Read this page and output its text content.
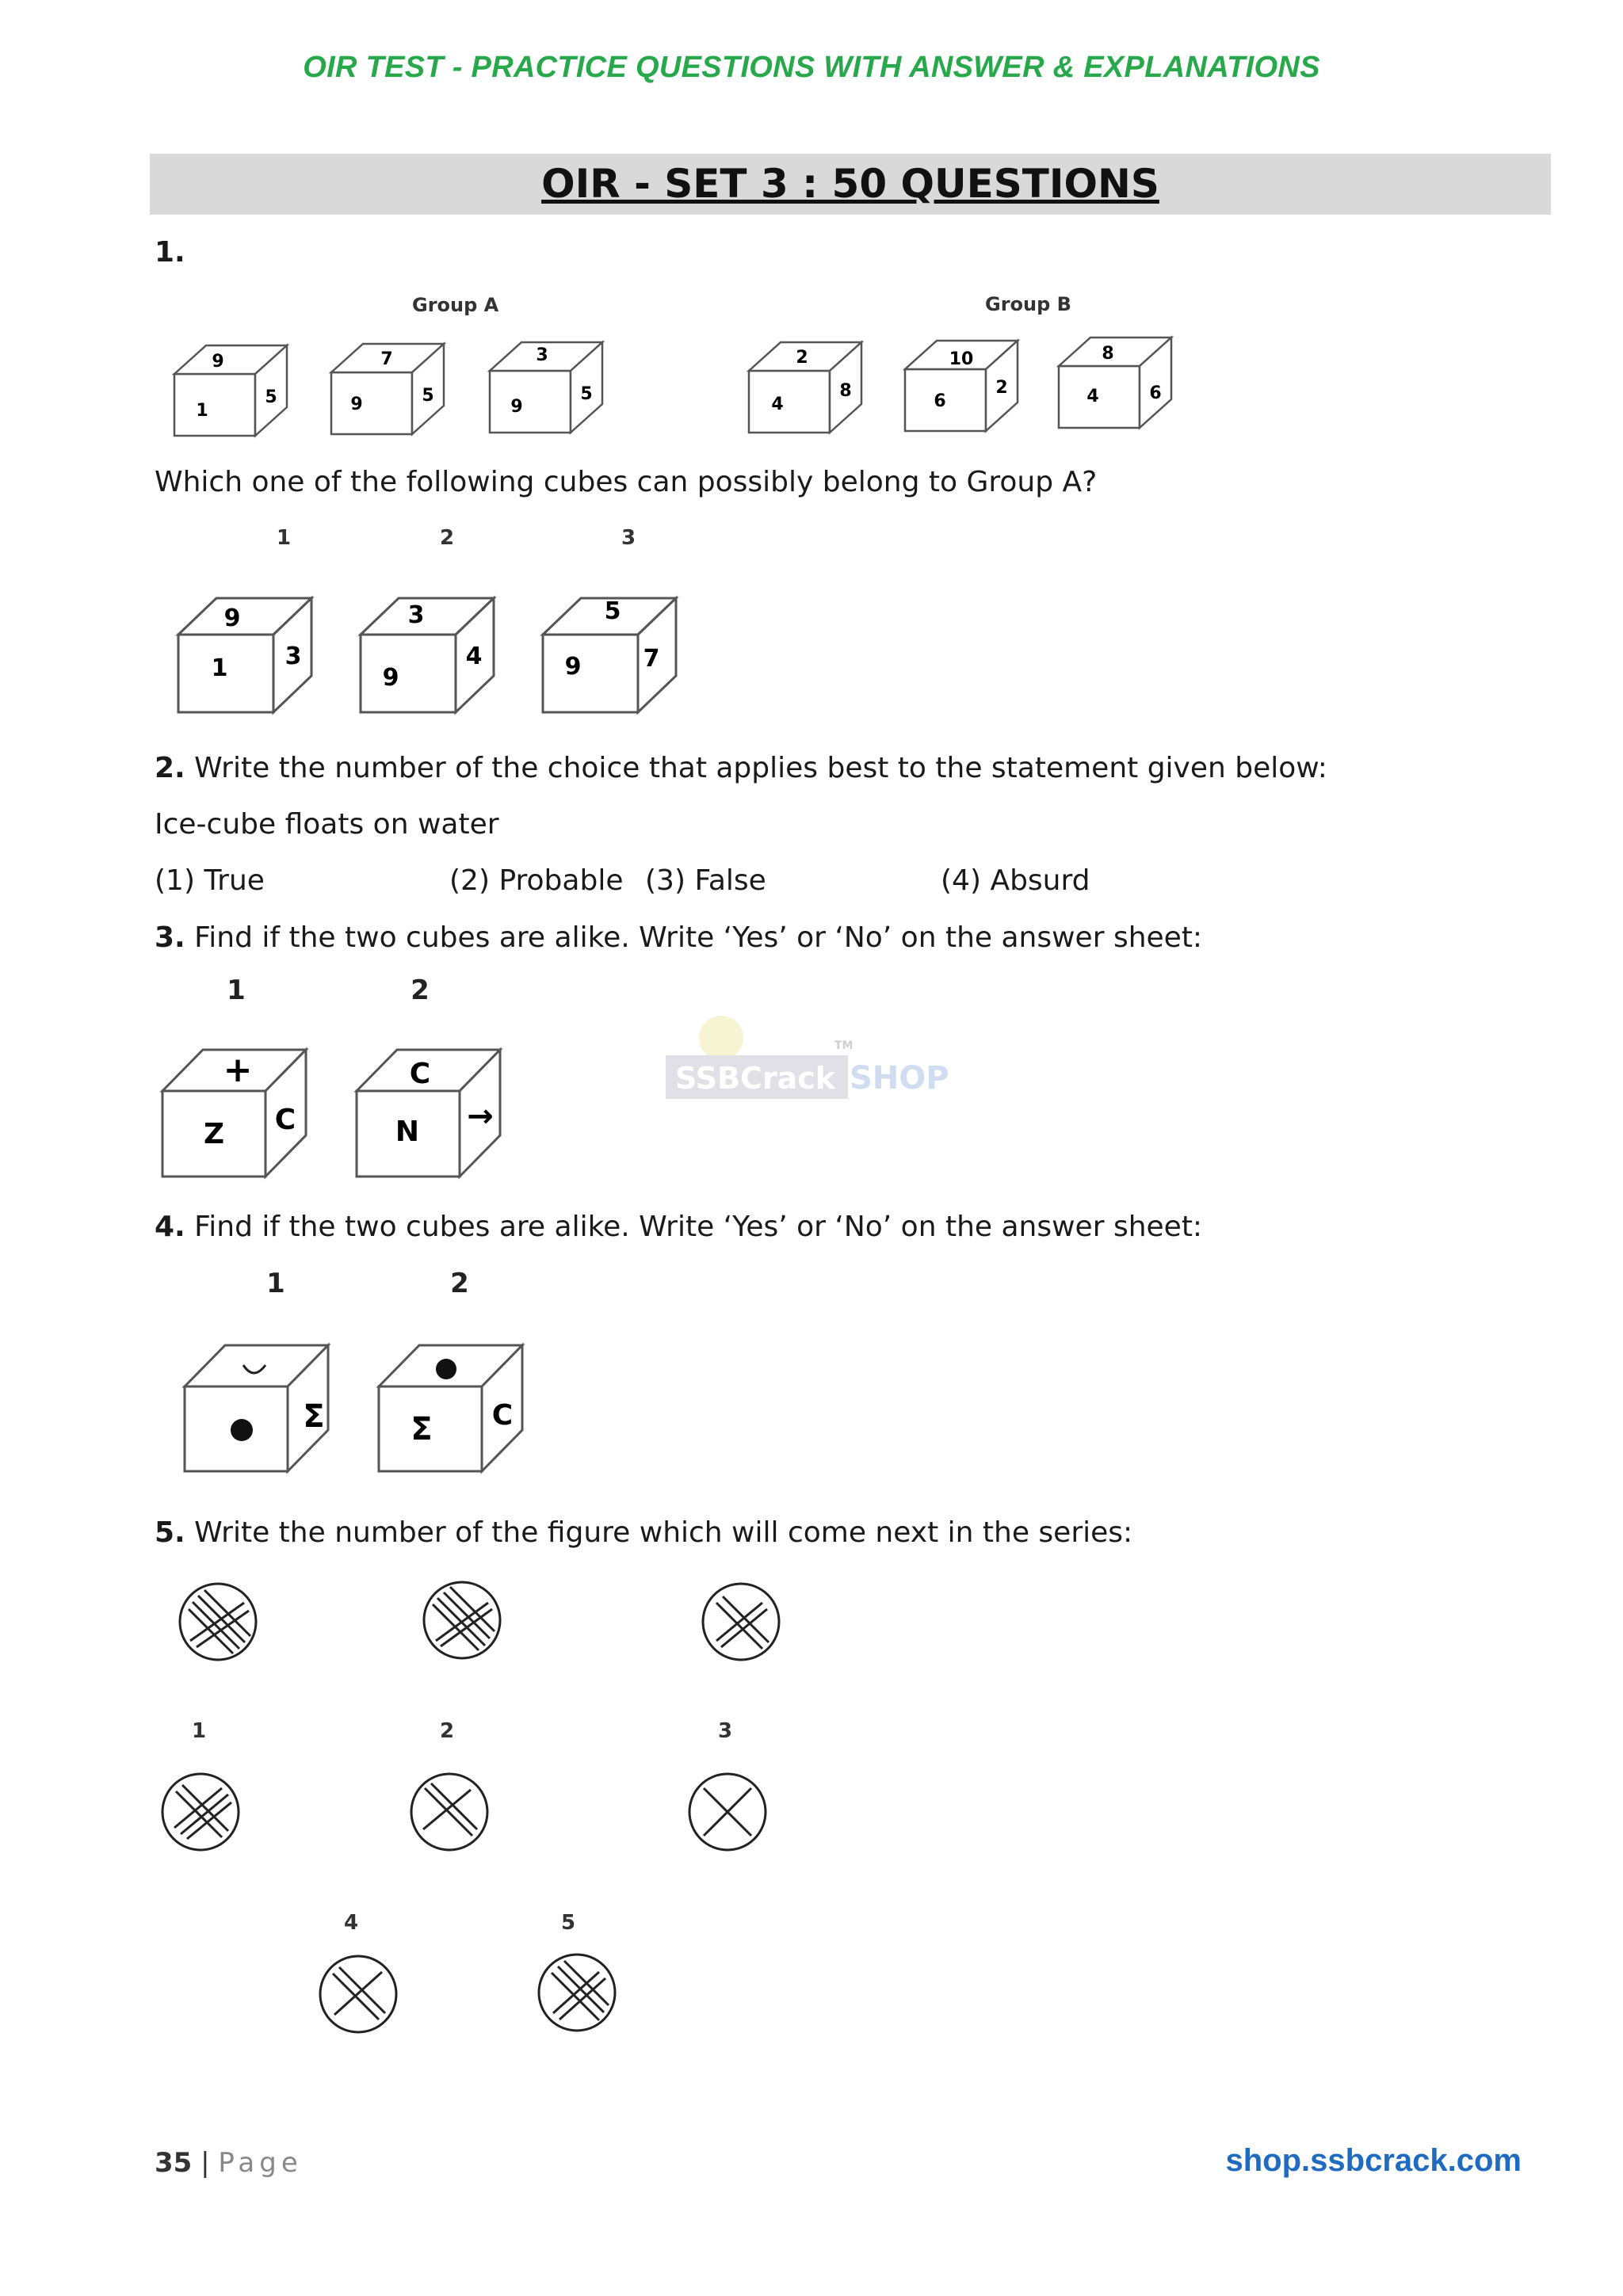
OIR TEST - PRACTICE QUESTIONS WITH ANSWER & EXPLANATIONS
OIR - SET 3 : 50 QUESTIONS
1.
Group A	Group B
9
1
5
7
9	5
3
9
5
2
4
8
10
6
2
8
4	6
Which one of the following cubes can possibly belong to Group A?
1	2	3
9
1 3
3
9
4
5
9	7
2. Write the number of the choice that applies best to the statement given below:
Ice-cube floats on water
(1) True	(2) Probable (3) False	(4) Absurd
3. Find if the two cubes are alike. Write ‘Yes’ or ‘No’ on the answer sheet:
1	2
+
Z C
C
N →
SSBCrack SHOP
TM
4. Find if the two cubes are alike. Write ‘Yes’ or ‘No’ on the answer sheet:
1	2
Σ	Σ C
5. Write the number of the figure which will come next in the series:
1	2	3
4	5
35 | Page	shop.ssbcrack.com
